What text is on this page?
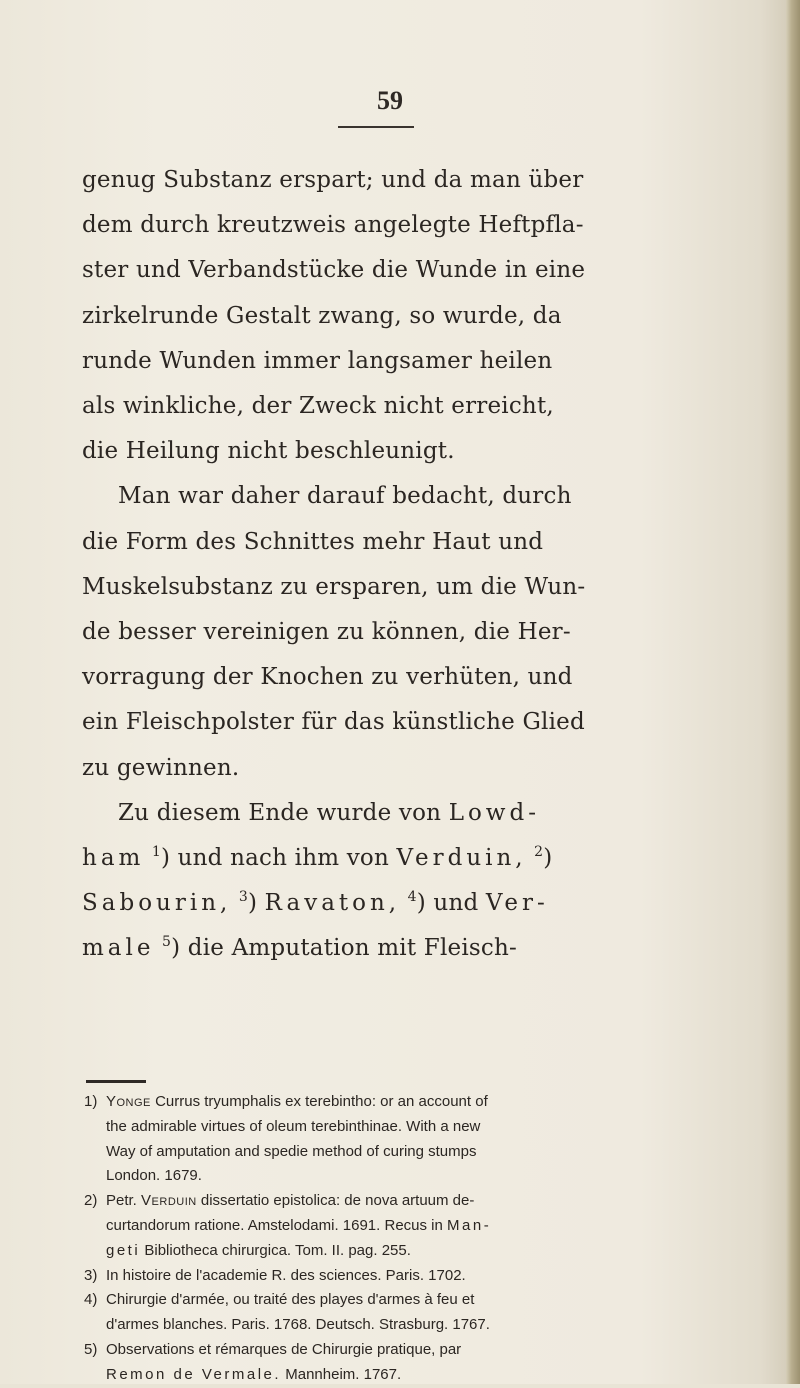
59
genug Substanz erspart; und da man über
dem durch kreutzweis angelegte Heftpfla-
ster und Verbandstücke die Wunde in eine
zirkelrunde Gestalt zwang, so wurde, da
runde Wunden immer langsamer heilen
als winkliche, der Zweck nicht erreicht,
die Heilung nicht beschleunigt.
Man war daher darauf bedacht, durch
die Form des Schnittes mehr Haut und
Muskelsubstanz zu ersparen, um die Wun-
de besser vereinigen zu können, die Her-
vorragung der Knochen zu verhüten, und
ein Fleischpolster für das künstliche Glied
zu gewinnen.
Zu diesem Ende wurde von Lowd-
ham $^1$) und nach ihm von Verduin, $^2$)
Sabourin, $^3$) Ravaton, $^4$) und Ver-
male $^5$) die Amputation mit Fleisch-
1) Yonge Currus tryumphalis ex terebintho: or an account of
the admirable virtues of oleum terebinthinae. With a new
Way of amputation and spedie method of curing stumps
London. 1679.
2) Petr. Verduin dissertatio epistolica: de nova artuum de-
curtandorum ratione. Amstelodami. 1691. Recus in Man-
geti Bibliotheca chirurgica. Tom. II. pag. 255.
3) In histoire de l'academie R. des sciences. Paris. 1702.
4) Chirurgie d'armée, ou traité des playes d'armes à feu et
d'armes blanches. Paris. 1768. Deutsch. Strasburg. 1767.
5) Observations et rémarques de Chirurgie pratique, par
Remon de Vermale. Mannheim. 1767.
